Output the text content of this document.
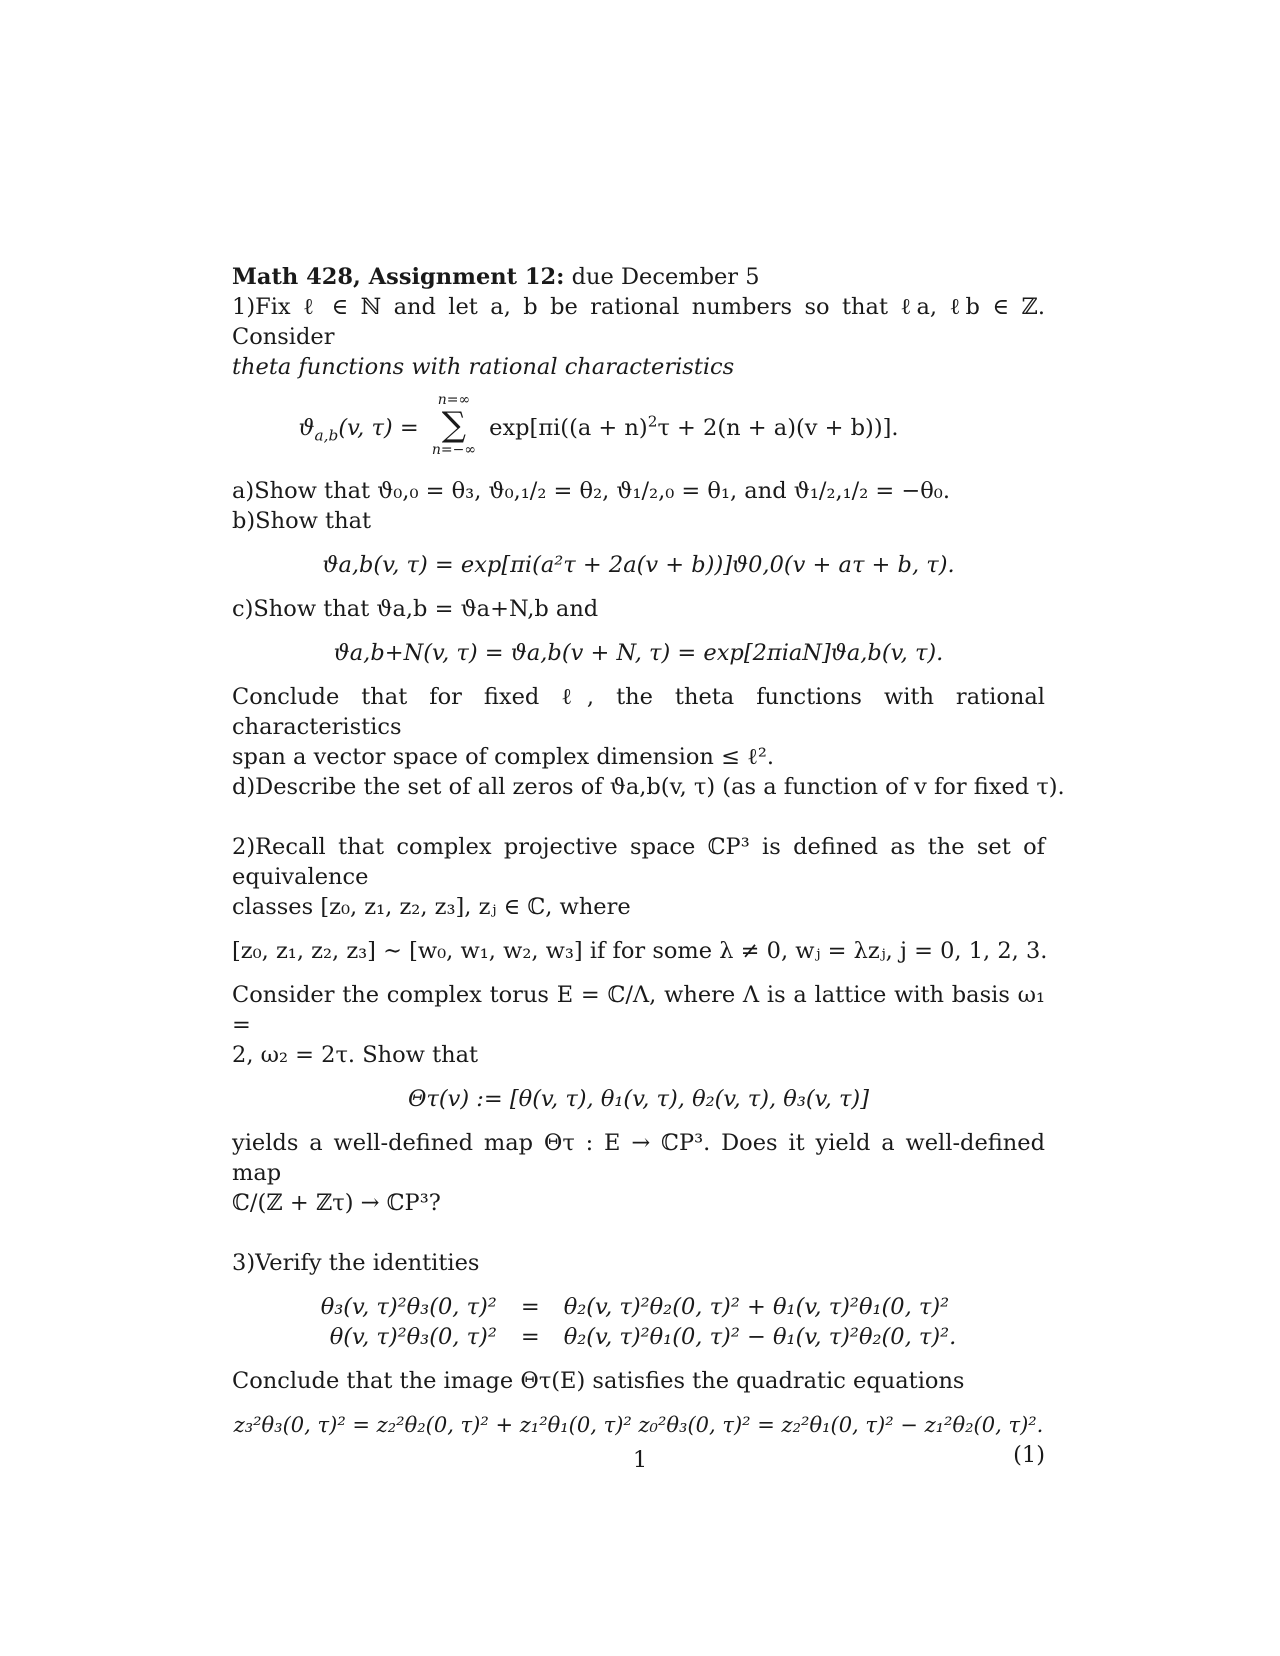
Math 428, Assignment 12: due December 5
1)Fix ℓ ∈ ℕ and let a, b be rational numbers so that ℓa, ℓb ∈ ℤ. Consider
theta functions with rational characteristics
$ϑ_{a,b}(v$, τ) =
n=∞
∑
n=−∞
$\exp[\pi i((a + n)^2\tau + 2(n + a)(v + b))]$.
a)Show that ϑ₀,₀ = θ₃, ϑ₀,₁/₂ = θ₂, ϑ₁/₂,₀ = θ₁, and ϑ₁/₂,₁/₂ = −θ₀.
b)Show that
ϑa,b(v, τ) = exp[πi(a²τ + 2a(v + b))]ϑ0,0(v + aτ + b, τ).
c)Show that ϑa,b = ϑa+N,b and
ϑa,b+N(v, τ) = ϑa,b(v + N, τ) = exp[2πiaN]ϑa,b(v, τ).
Conclude that for fixed ℓ, the theta functions with rational characteristics
span a vector space of complex dimension ≤ ℓ².
d)Describe the set of all zeros of ϑa,b(v, τ) (as a function of v for fixed τ).
2)Recall that complex projective space ℂP³ is defined as the set of equivalence
classes [z₀, z₁, z₂, z₃], zⱼ ∈ ℂ, where
[z₀, z₁, z₂, z₃] ∼ [w₀, w₁, w₂, w₃] if for some λ ≠ 0, wⱼ = λzⱼ, j = 0, 1, 2, 3.
Consider the complex torus E = ℂ/Λ, where Λ is a lattice with basis ω₁ =
2, ω₂ = 2τ. Show that
Θτ(v) := [θ(v, τ), θ₁(v, τ), θ₂(v, τ), θ₃(v, τ)]
yields a well-defined map Θτ : E → ℂP³. Does it yield a well-defined map
ℂ/(ℤ + ℤτ) → ℂP³?
3)Verify the identities
θ₃(v, τ)²θ₃(0, τ)²	=	θ₂(v, τ)²θ₂(0, τ)² + θ₁(v, τ)²θ₁(0, τ)²
θ(v, τ)²θ₃(0, τ)²	=	θ₂(v, τ)²θ₁(0, τ)² − θ₁(v, τ)²θ₂(0, τ)².
Conclude that the image Θτ(E) satisfies the quadratic equations
z₃²θ₃(0, τ)² = z₂²θ₂(0, τ)² + z₁²θ₁(0, τ)² z₀²θ₃(0, τ)² = z₂²θ₁(0, τ)² − z₁²θ₂(0, τ)².
(1)
1
